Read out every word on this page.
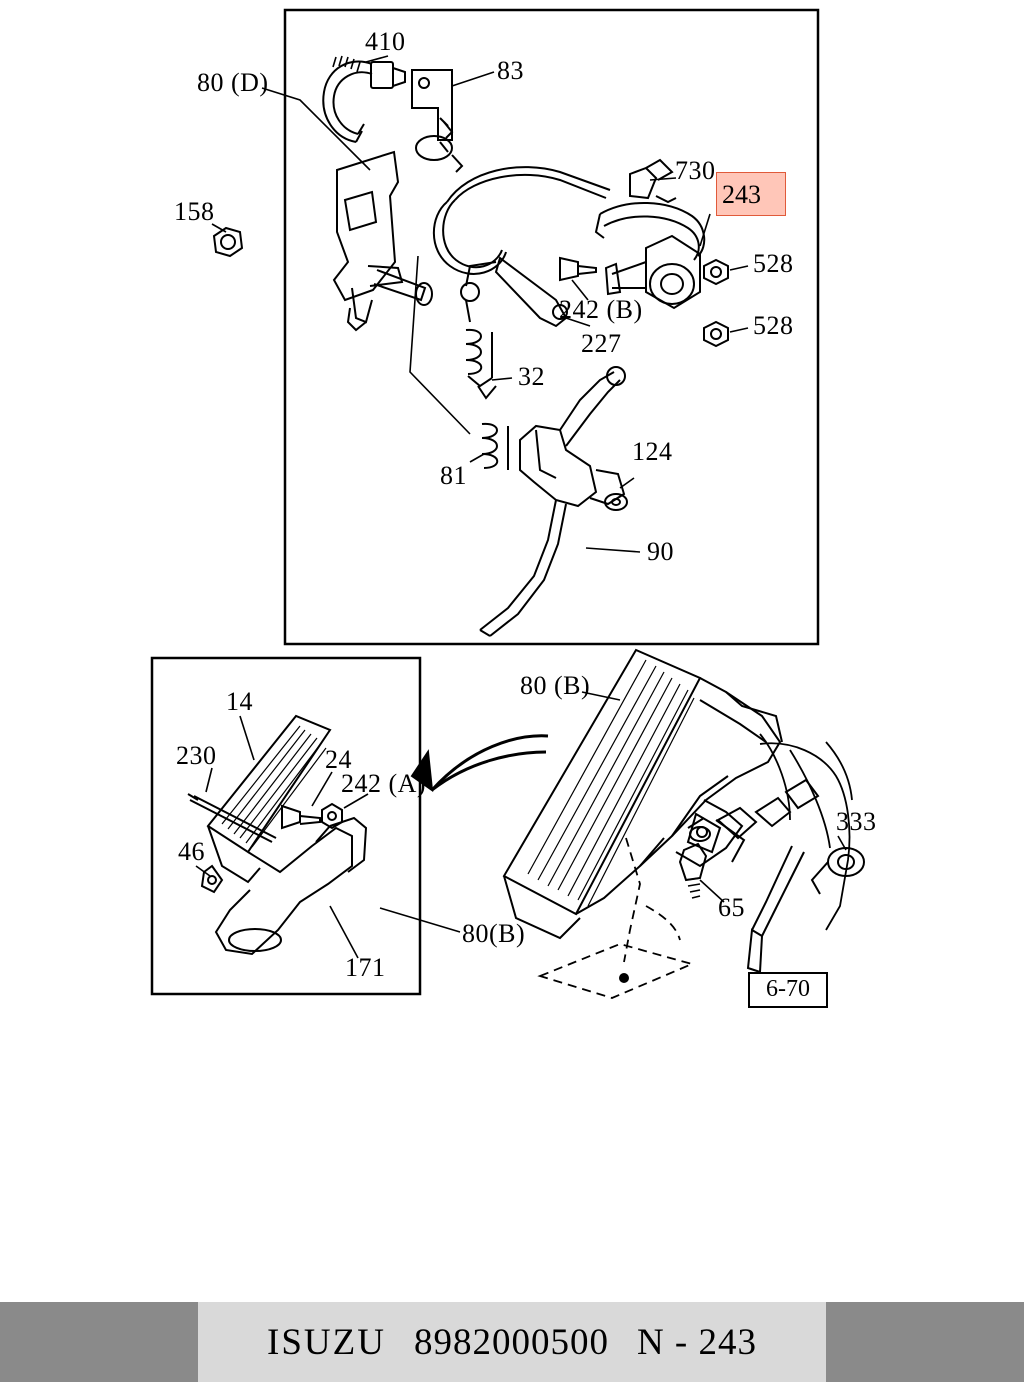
243
410
83
80 (D)
158
730
528
528
242 (B)
227
32
81
124
90
14
230	24
242 (A)
46
171
80(B)
80 (B)
333
65
6-70
ISUZU 8982000500 N - 243
